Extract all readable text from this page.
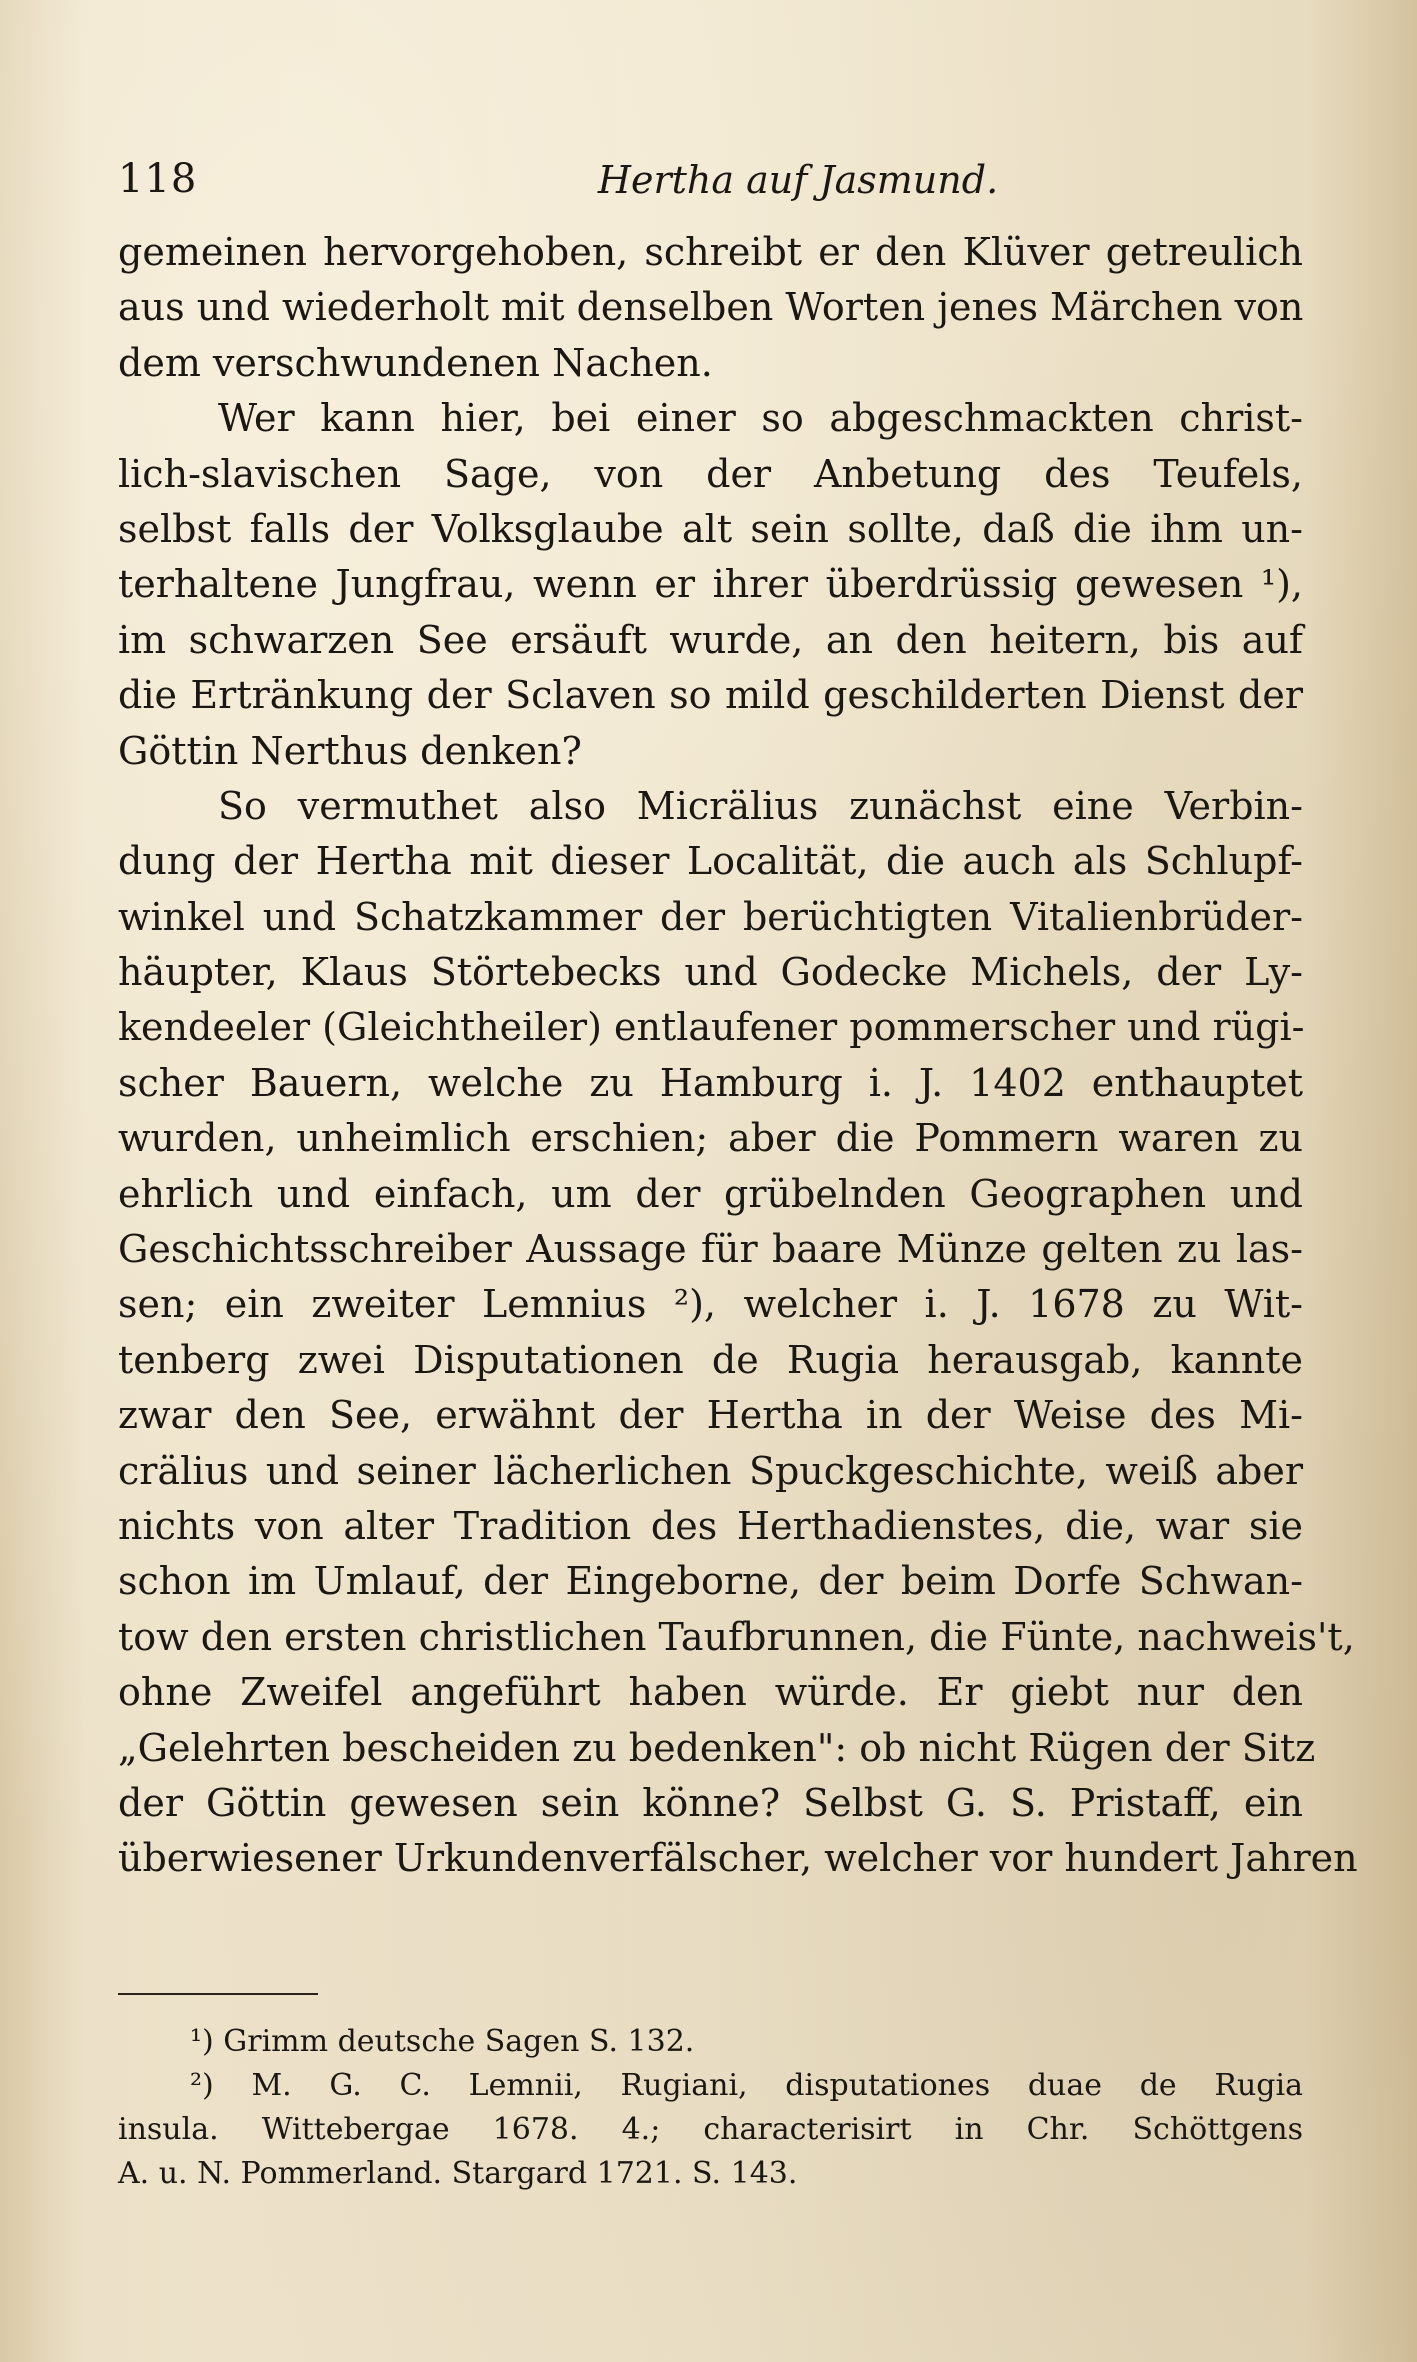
118	Hertha auf Jasmund.
gemeinen hervorgehoben, schreibt er den Klüver getreulich
aus und wiederholt mit denselben Worten jenes Märchen von
dem verschwundenen Nachen.
Wer kann hier, bei einer so abgeschmackten christ-
lich-slavischen Sage, von der Anbetung des Teufels,
selbst falls der Volksglaube alt sein sollte, daß die ihm un-
terhaltene Jungfrau, wenn er ihrer überdrüssig gewesen ¹),
im schwarzen See ersäuft wurde, an den heitern, bis auf
die Ertränkung der Sclaven so mild geschilderten Dienst der
Göttin Nerthus denken?
So vermuthet also Micrälius zunächst eine Verbin-
dung der Hertha mit dieser Localität, die auch als Schlupf-
winkel und Schatzkammer der berüchtigten Vitalienbrüder-
häupter, Klaus Störtebecks und Godecke Michels, der Ly-
kendeeler (Gleichtheiler) entlaufener pommerscher und rügi-
scher Bauern, welche zu Hamburg i. J. 1402 enthauptet
wurden, unheimlich erschien; aber die Pommern waren zu
ehrlich und einfach, um der grübelnden Geographen und
Geschichtsschreiber Aussage für baare Münze gelten zu las-
sen; ein zweiter Lemnius ²), welcher i. J. 1678 zu Wit-
tenberg zwei Disputationen de Rugia herausgab, kannte
zwar den See, erwähnt der Hertha in der Weise des Mi-
crälius und seiner lächerlichen Spuckgeschichte, weiß aber
nichts von alter Tradition des Herthadienstes, die, war sie
schon im Umlauf, der Eingeborne, der beim Dorfe Schwan-
tow den ersten christlichen Taufbrunnen, die Fünte, nachweis't,
ohne Zweifel angeführt haben würde. Er giebt nur den
„Gelehrten bescheiden zu bedenken": ob nicht Rügen der Sitz
der Göttin gewesen sein könne? Selbst G. S. Pristaff, ein
überwiesener Urkundenverfälscher, welcher vor hundert Jahren
¹) Grimm deutsche Sagen S. 132.
²) M. G. C. Lemnii, Rugiani, disputationes duae de Rugia
insula. Wittebergae 1678. 4.; characterisirt in Chr. Schöttgens
A. u. N. Pommerland. Stargard 1721. S. 143.
